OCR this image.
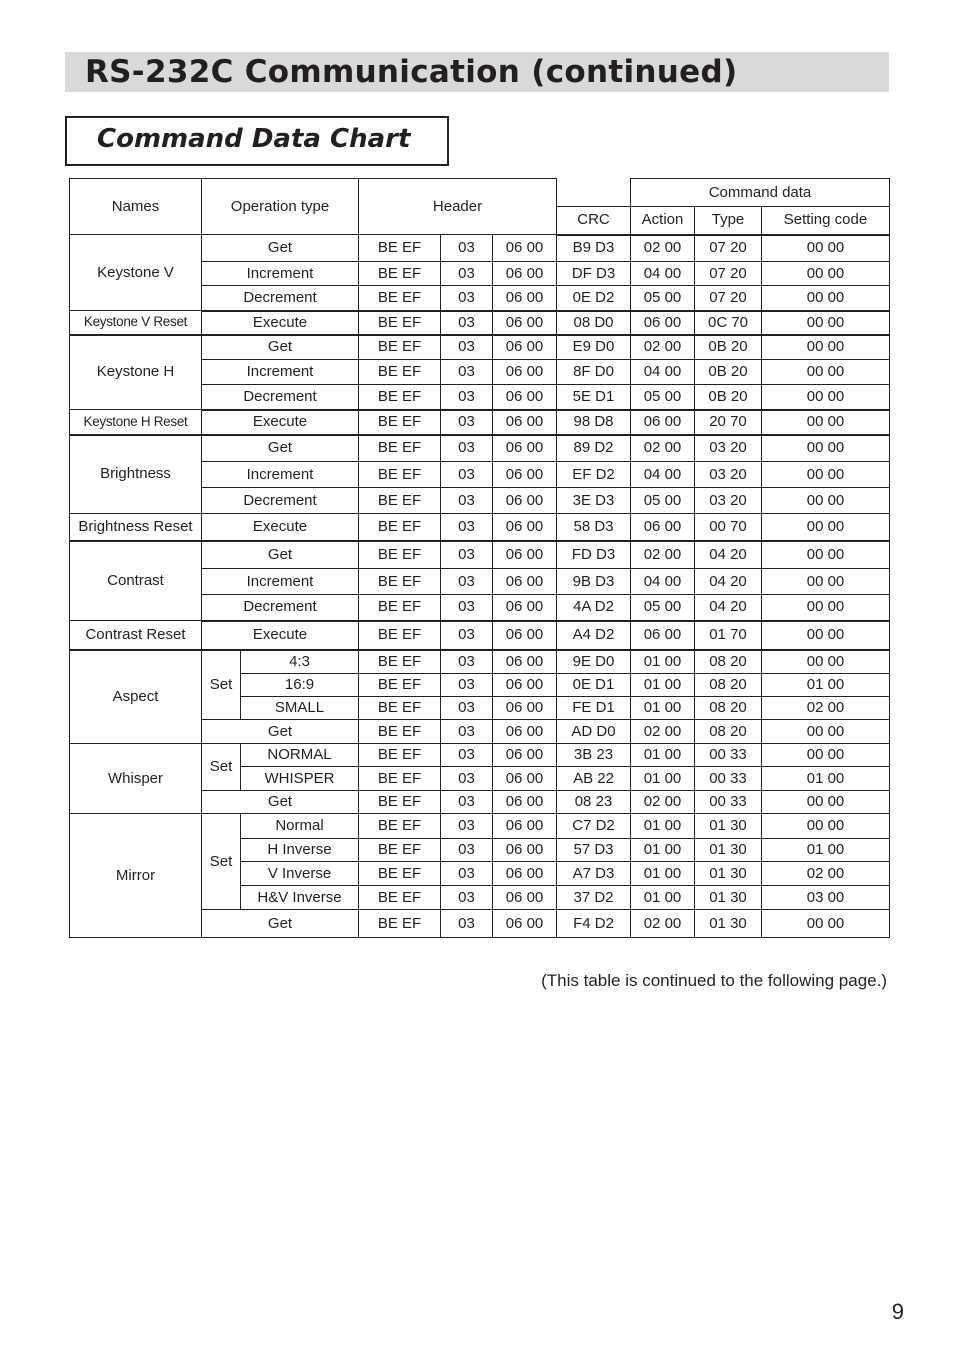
RS-232C Communication (continued)
Command Data Chart
Names	Operation type		Header				Command data		
						CRC	Action	Type	Setting code
Keystone V	Get		BE EF	03	06 00	B9 D3	02 00	07 20	00 00
	Increment		BE EF	03	06 00	DF D3	04 00	07 20	00 00
	Decrement		BE EF	03	06 00	0E D2	05 00	07 20	00 00
Keystone V Reset	Execute		BE EF	03	06 00	08 D0	06 00	0C 70	00 00
Keystone H	Get		BE EF	03	06 00	E9 D0	02 00	0B 20	00 00
	Increment		BE EF	03	06 00	8F D0	04 00	0B 20	00 00
	Decrement		BE EF	03	06 00	5E D1	05 00	0B 20	00 00
Keystone H Reset	Execute		BE EF	03	06 00	98 D8	06 00	20 70	00 00
Brightness	Get		BE EF	03	06 00	89 D2	02 00	03 20	00 00
	Increment		BE EF	03	06 00	EF D2	04 00	03 20	00 00
	Decrement		BE EF	03	06 00	3E D3	05 00	03 20	00 00
Brightness Reset	Execute		BE EF	03	06 00	58 D3	06 00	00 70	00 00
Contrast	Get		BE EF	03	06 00	FD D3	02 00	04 20	00 00
	Increment		BE EF	03	06 00	9B D3	04 00	04 20	00 00
	Decrement		BE EF	03	06 00	4A D2	05 00	04 20	00 00
Contrast Reset	Execute		BE EF	03	06 00	A4 D2	06 00	01 70	00 00
Aspect	Set	4:3	BE EF	03	06 00	9E D0	01 00	08 20	00 00
		16:9	BE EF	03	06 00	0E D1	01 00	08 20	01 00
		SMALL	BE EF	03	06 00	FE D1	01 00	08 20	02 00
	Get		BE EF	03	06 00	AD D0	02 00	08 20	00 00
Whisper	Set	NORMAL	BE EF	03	06 00	3B 23	01 00	00 33	00 00
		WHISPER	BE EF	03	06 00	AB 22	01 00	00 33	01 00
	Get		BE EF	03	06 00	08 23	02 00	00 33	00 00
Mirror	Set	Normal	BE EF	03	06 00	C7 D2	01 00	01 30	00 00
		H Inverse	BE EF	03	06 00	57 D3	01 00	01 30	01 00
		V Inverse	BE EF	03	06 00	A7 D3	01 00	01 30	02 00
		H&V Inverse	BE EF	03	06 00	37 D2	01 00	01 30	03 00
	Get		BE EF	03	06 00	F4 D2	02 00	01 30	00 00

(This table is continued to the following page.)

9
